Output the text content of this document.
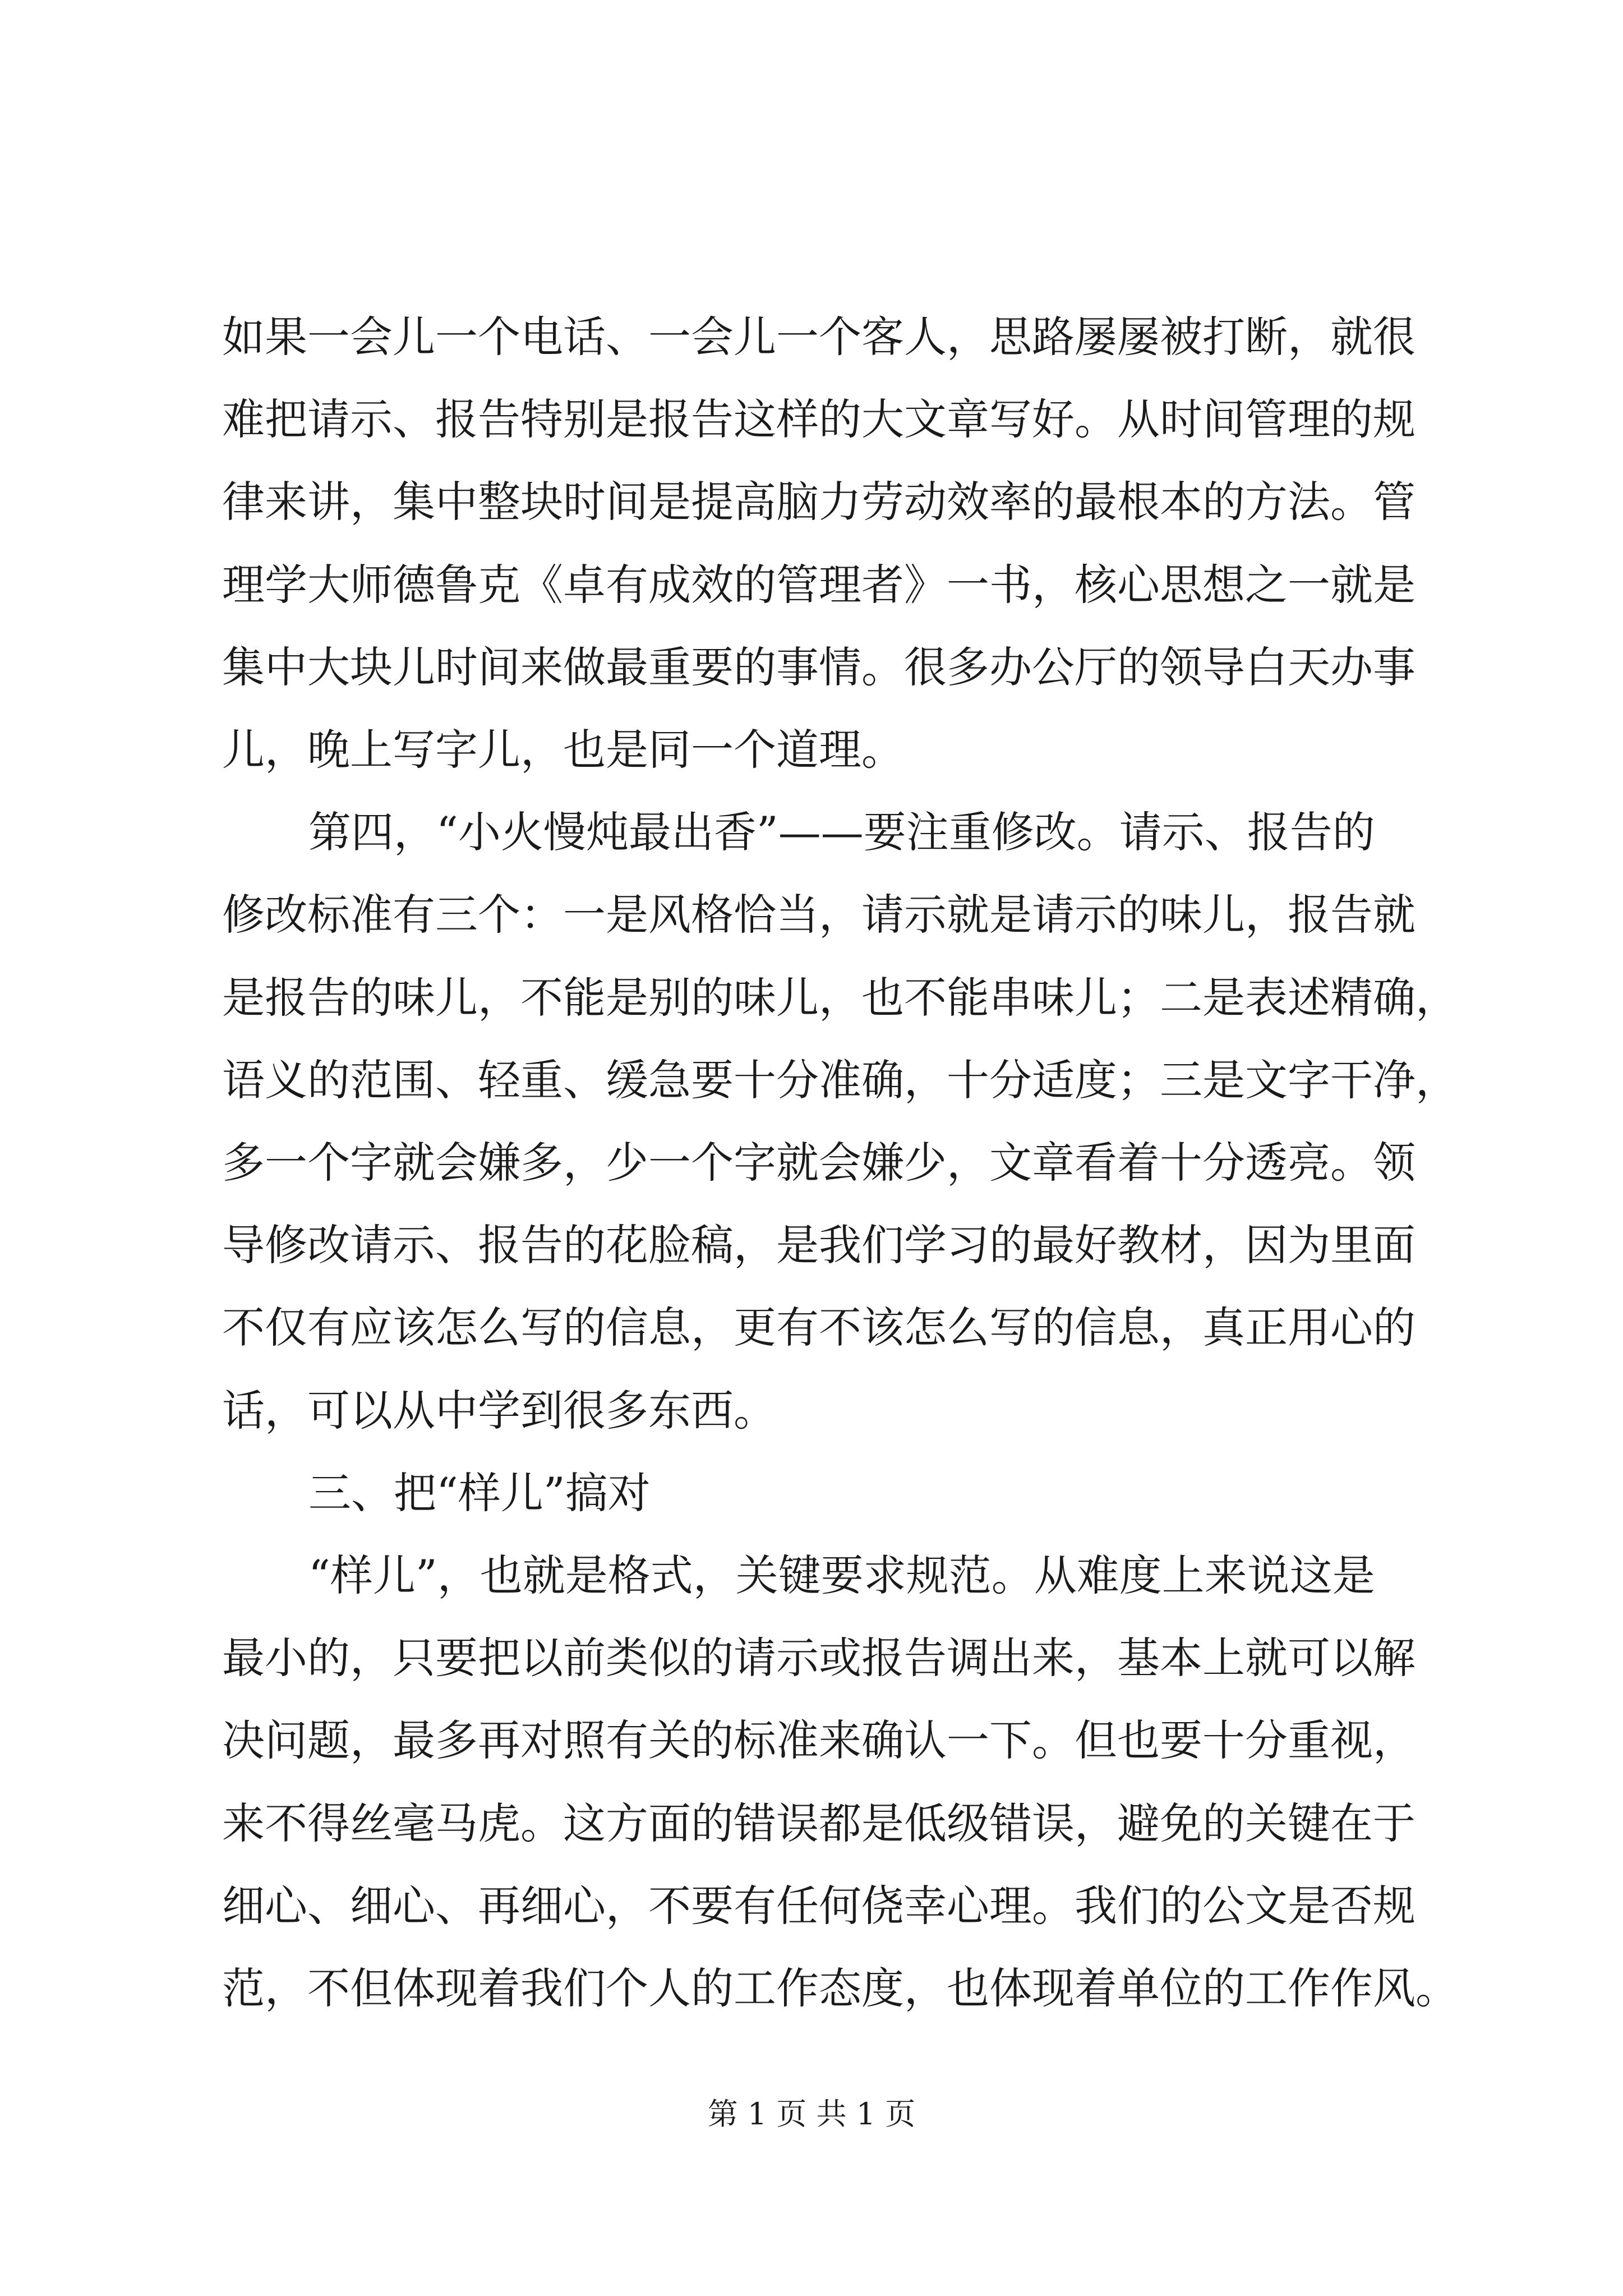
如果一会儿一个电话、一会儿一个客人，思路屡屡被打断，就很
难把请示、报告特别是报告这样的大文章写好。从时间管理的规
律来讲，集中整块时间是提高脑力劳动效率的最根本的方法。管
理学大师德鲁克《卓有成效的管理者》一书，核心思想之一就是
集中大块儿时间来做最重要的事情。很多办公厅的领导白天办事
儿，晚上写字儿，也是同一个道理。
第四，“小火慢炖最出香”——要注重修改。请示、报告的
修改标准有三个：一是风格恰当，请示就是请示的味儿，报告就
是报告的味儿，不能是别的味儿，也不能串味儿；二是表述精确，
语义的范围、轻重、缓急要十分准确，十分适度；三是文字干净，
多一个字就会嫌多，少一个字就会嫌少，文章看着十分透亮。领
导修改请示、报告的花脸稿，是我们学习的最好教材，因为里面
不仅有应该怎么写的信息，更有不该怎么写的信息，真正用心的
话，可以从中学到很多东西。
三、把“样儿”搞对
“样儿”，也就是格式，关键要求规范。从难度上来说这是
最小的，只要把以前类似的请示或报告调出来，基本上就可以解
决问题，最多再对照有关的标准来确认一下。但也要十分重视，
来不得丝毫马虎。这方面的错误都是低级错误，避免的关键在于
细心、细心、再细心，不要有任何侥幸心理。我们的公文是否规
范，不但体现着我们个人的工作态度，也体现着单位的工作作风。
第 1 页 共 1 页
